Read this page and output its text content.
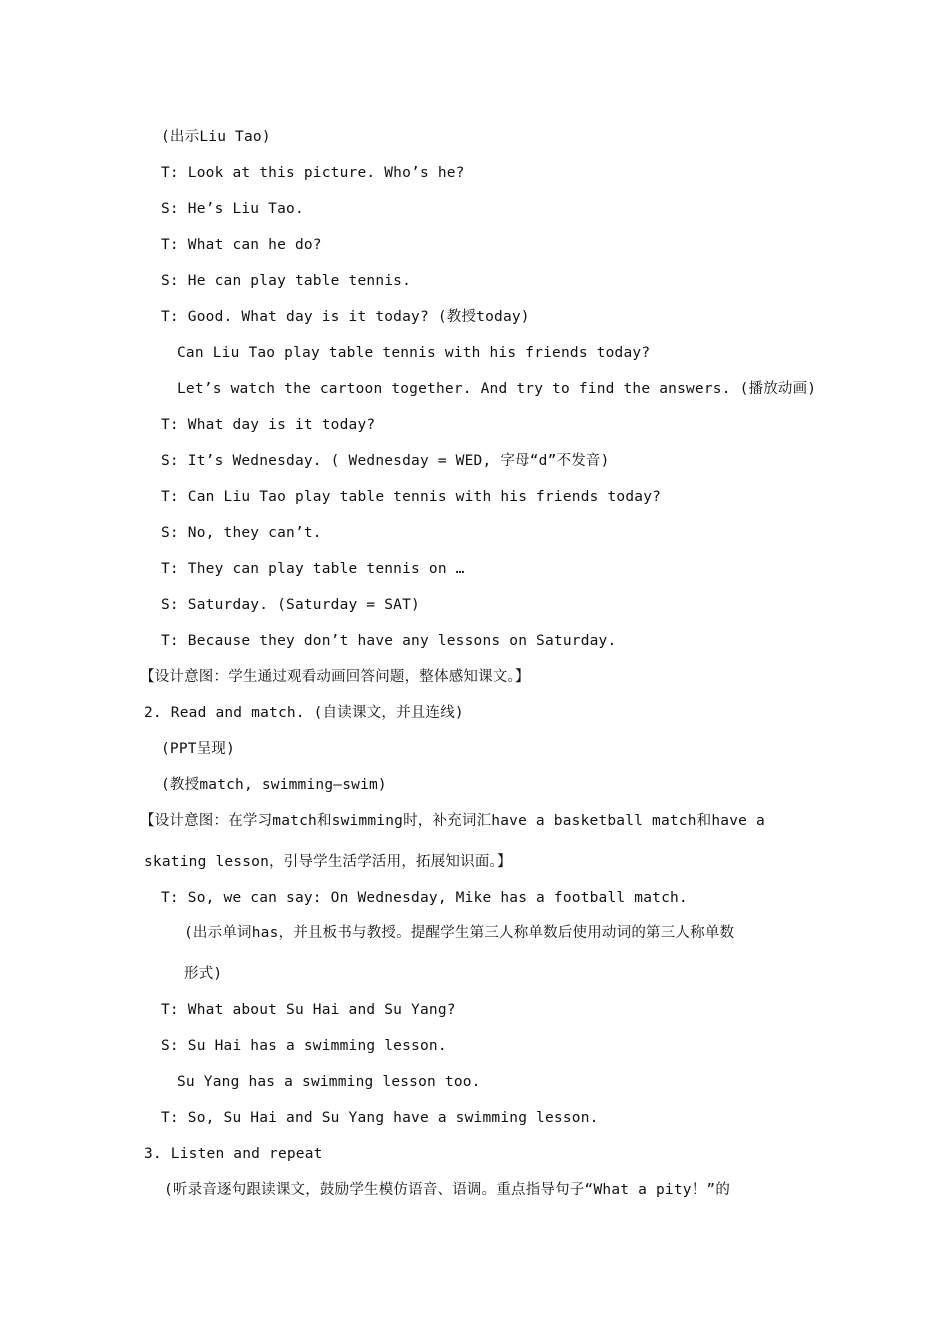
(出示Liu Tao)
T: Look at this picture. Who’s he?
S: He’s Liu Tao.
T: What can he do?
S: He can play table tennis.
T: Good. What day is it today? (教授today)
Can Liu Tao play table tennis with his friends today?
Let’s watch the cartoon together. And try to find the answers. (播放动画)
T: What day is it today?
S: It’s Wednesday. ( Wednesday = WED, 字母“d”不发音)
T: Can Liu Tao play table tennis with his friends today?
S: No, they can’t.
T: They can play table tennis on …
S: Saturday. (Saturday = SAT)
T: Because they don’t have any lessons on Saturday.
【设计意图：学生通过观看动画回答问题，整体感知课文。】
2. Read and match. (自读课文，并且连线)
(PPT呈现)
(教授match, swimming—swim)
【设计意图：在学习match和swimming时，补充词汇have a basketball match和have a
skating lesson，引导学生活学活用，拓展知识面。】
T: So, we can say: On Wednesday, Mike has a football match.
(出示单词has，并且板书与教授。提醒学生第三人称单数后使用动词的第三人称单数
形式)
T: What about Su Hai and Su Yang?
S: Su Hai has a swimming lesson.
Su Yang has a swimming lesson too.
T: So, Su Hai and Su Yang have a swimming lesson.
3. Listen and repeat
(听录音逐句跟读课文，鼓励学生模仿语音、语调。重点指导句子“What a pity！”的
